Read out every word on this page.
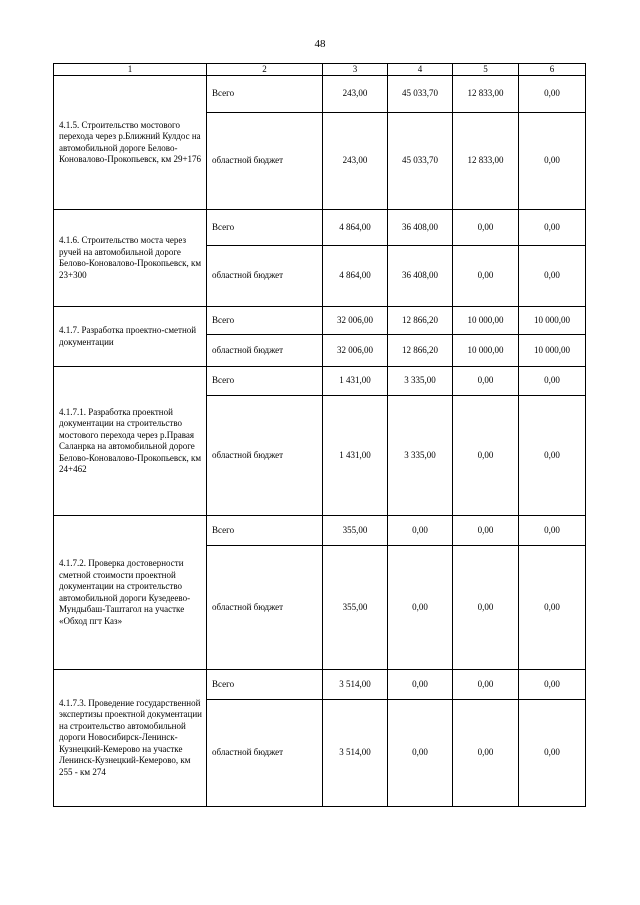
48
1	2	3	4	5	6
4.1.5. Строительство мостового перехода через р.Ближний Кулдос на автомобильной дороге Белово-Коновалово-Прокопьевск, км 29+176	Всего	243,00	45 033,70	12 833,00	0,00
	областной бюджет	243,00	45 033,70	12 833,00	0,00
4.1.6. Строительство моста через ручей на автомобильной дороге Белово-Коновалово-Прокопьевск, км 23+300	Всего	4 864,00	36 408,00	0,00	0,00
	областной бюджет	4 864,00	36 408,00	0,00	0,00
4.1.7. Разработка проектно-сметной документации	Всего	32 006,00	12 866,20	10 000,00	10 000,00
	областной бюджет	32 006,00	12 866,20	10 000,00	10 000,00
4.1.7.1. Разработка проектной документации на строительство мостового перехода через р.Правая Саланрка на автомобильной дороге Белово-Коновалово-Прокопьевск, км 24+462	Всего	1 431,00	3 335,00	0,00	0,00
	областной бюджет	1 431,00	3 335,00	0,00	0,00
4.1.7.2. Проверка достоверности сметной стоимости проектной документации на строительство автомобильной дороги Кузедеево-Мундыбаш-Таштагол на участке «Обход пгт Каз»	Всего	355,00	0,00	0,00	0,00
	областной бюджет	355,00	0,00	0,00	0,00
4.1.7.3. Проведение государственной экспертизы проектной документации на строительство автомобильной дороги Новосибирск-Ленинск-Кузнецкий-Кемерово на участке Ленинск-Кузнецкий-Кемерово, км 255 - км 274	Всего	3 514,00	0,00	0,00	0,00
	областной бюджет	3 514,00	0,00	0,00	0,00
